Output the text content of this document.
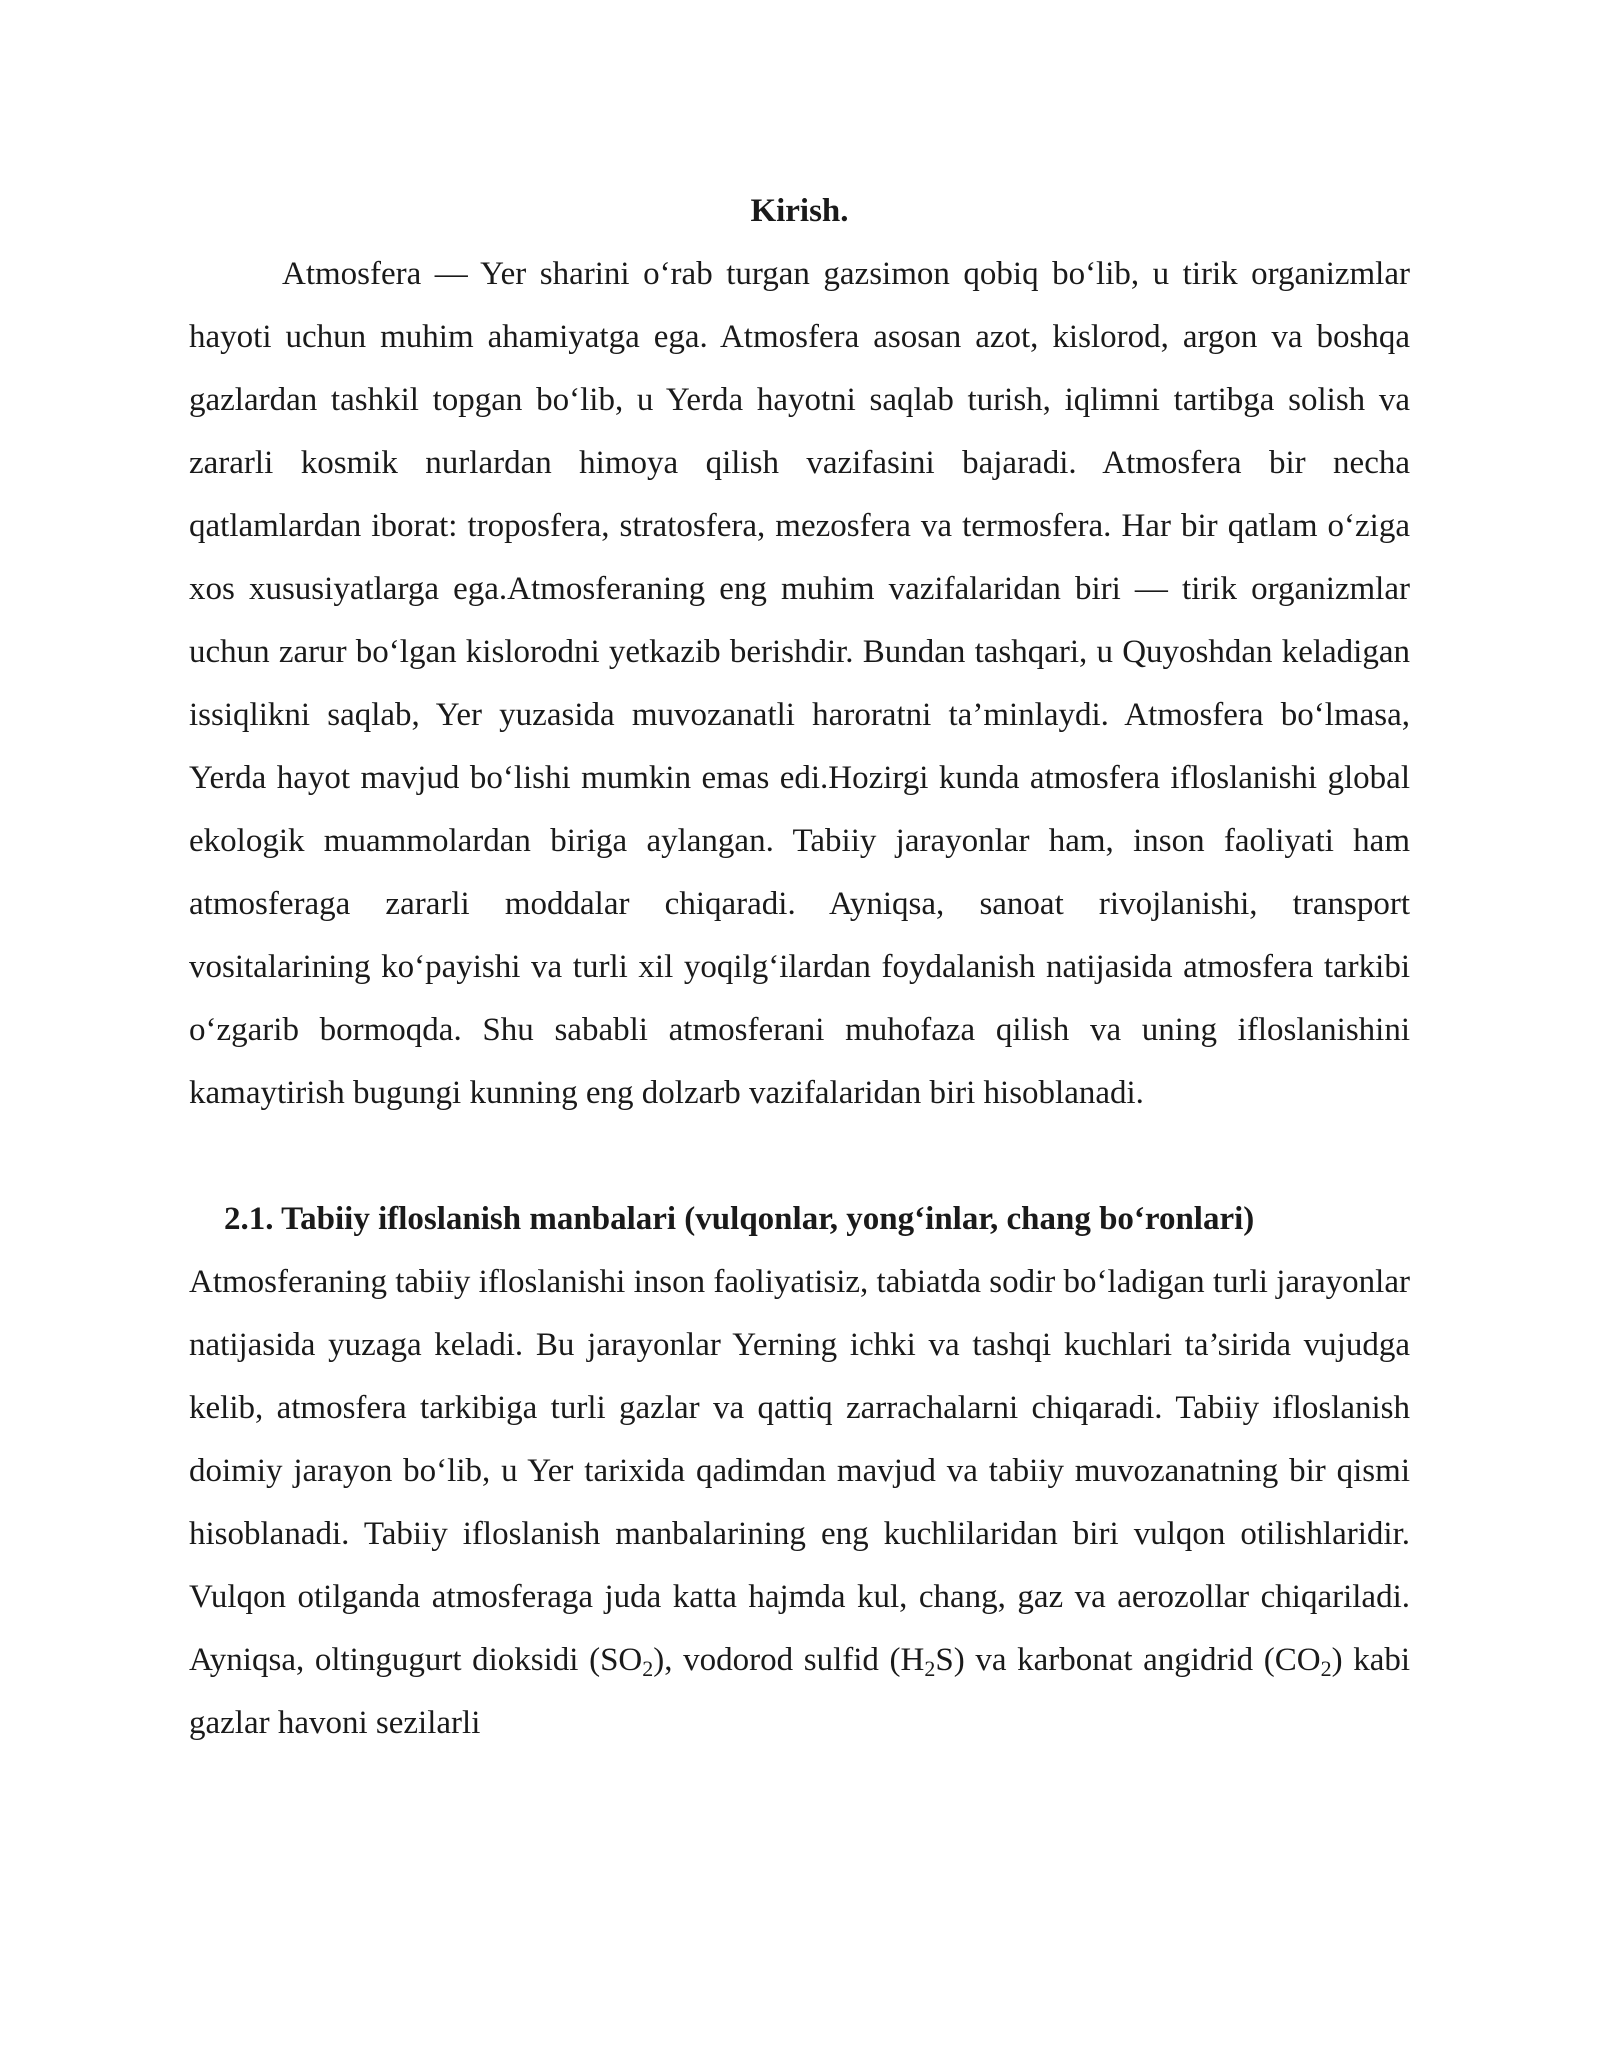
Kirish.

Atmosfera — Yer sharini oʻrab turgan gazsimon qobiq boʻlib, u tirik organizmlar hayoti uchun muhim ahamiyatga ega. Atmosfera asosan azot, kislorod, argon va boshqa gazlardan tashkil topgan boʻlib, u Yerda hayotni saqlab turish, iqlimni tartibga solish va zararli kosmik nurlardan himoya qilish vazifasini bajaradi. Atmosfera bir necha qatlamlardan iborat: troposfera, stratosfera, mezosfera va termosfera. Har bir qatlam oʻziga xos xususiyatlarga ega.Atmosferaning eng muhim vazifalaridan biri — tirik organizmlar uchun zarur boʻlgan kislorodni yetkazib berishdir. Bundan tashqari, u Quyoshdan keladigan issiqlikni saqlab, Yer yuzasida muvozanatli haroratni ta’minlaydi. Atmosfera boʻlmasa, Yerda hayot mavjud boʻlishi mumkin emas edi.Hozirgi kunda atmosfera ifloslanishi global ekologik muammolardan biriga aylangan. Tabiiy jarayonlar ham, inson faoliyati ham atmosferaga zararli moddalar chiqaradi. Ayniqsa, sanoat rivojlanishi, transport vositalarining koʻpayishi va turli xil yoqilgʻilardan foydalanish natijasida atmosfera tarkibi oʻzgarib bormoqda. Shu sababli atmosferani muhofaza qilish va uning ifloslanishini kamaytirish bugungi kunning eng dolzarb vazifalaridan biri hisoblanadi.

2.1. Tabiiy ifloslanish manbalari (vulqonlar, yongʻinlar, chang boʻronlari)

Atmosferaning tabiiy ifloslanishi inson faoliyatisiz, tabiatda sodir boʻladigan turli jarayonlar natijasida yuzaga keladi. Bu jarayonlar Yerning ichki va tashqi kuchlari ta’sirida vujudga kelib, atmosfera tarkibiga turli gazlar va qattiq zarrachalarni chiqaradi. Tabiiy ifloslanish doimiy jarayon boʻlib, u Yer tarixida qadimdan mavjud va tabiiy muvozanatning bir qismi hisoblanadi. Tabiiy ifloslanish manbalarining eng kuchlilaridan biri vulqon otilishlaridir. Vulqon otilganda atmosferaga juda katta hajmda kul, chang, gaz va aerozollar chiqariladi. Ayniqsa, oltingugurt dioksidi $(SO_2)$, vodorod sulfid $(H_2S)$ va karbonat angidrid $(CO_2)$ kabi gazlar havoni sezilarli
